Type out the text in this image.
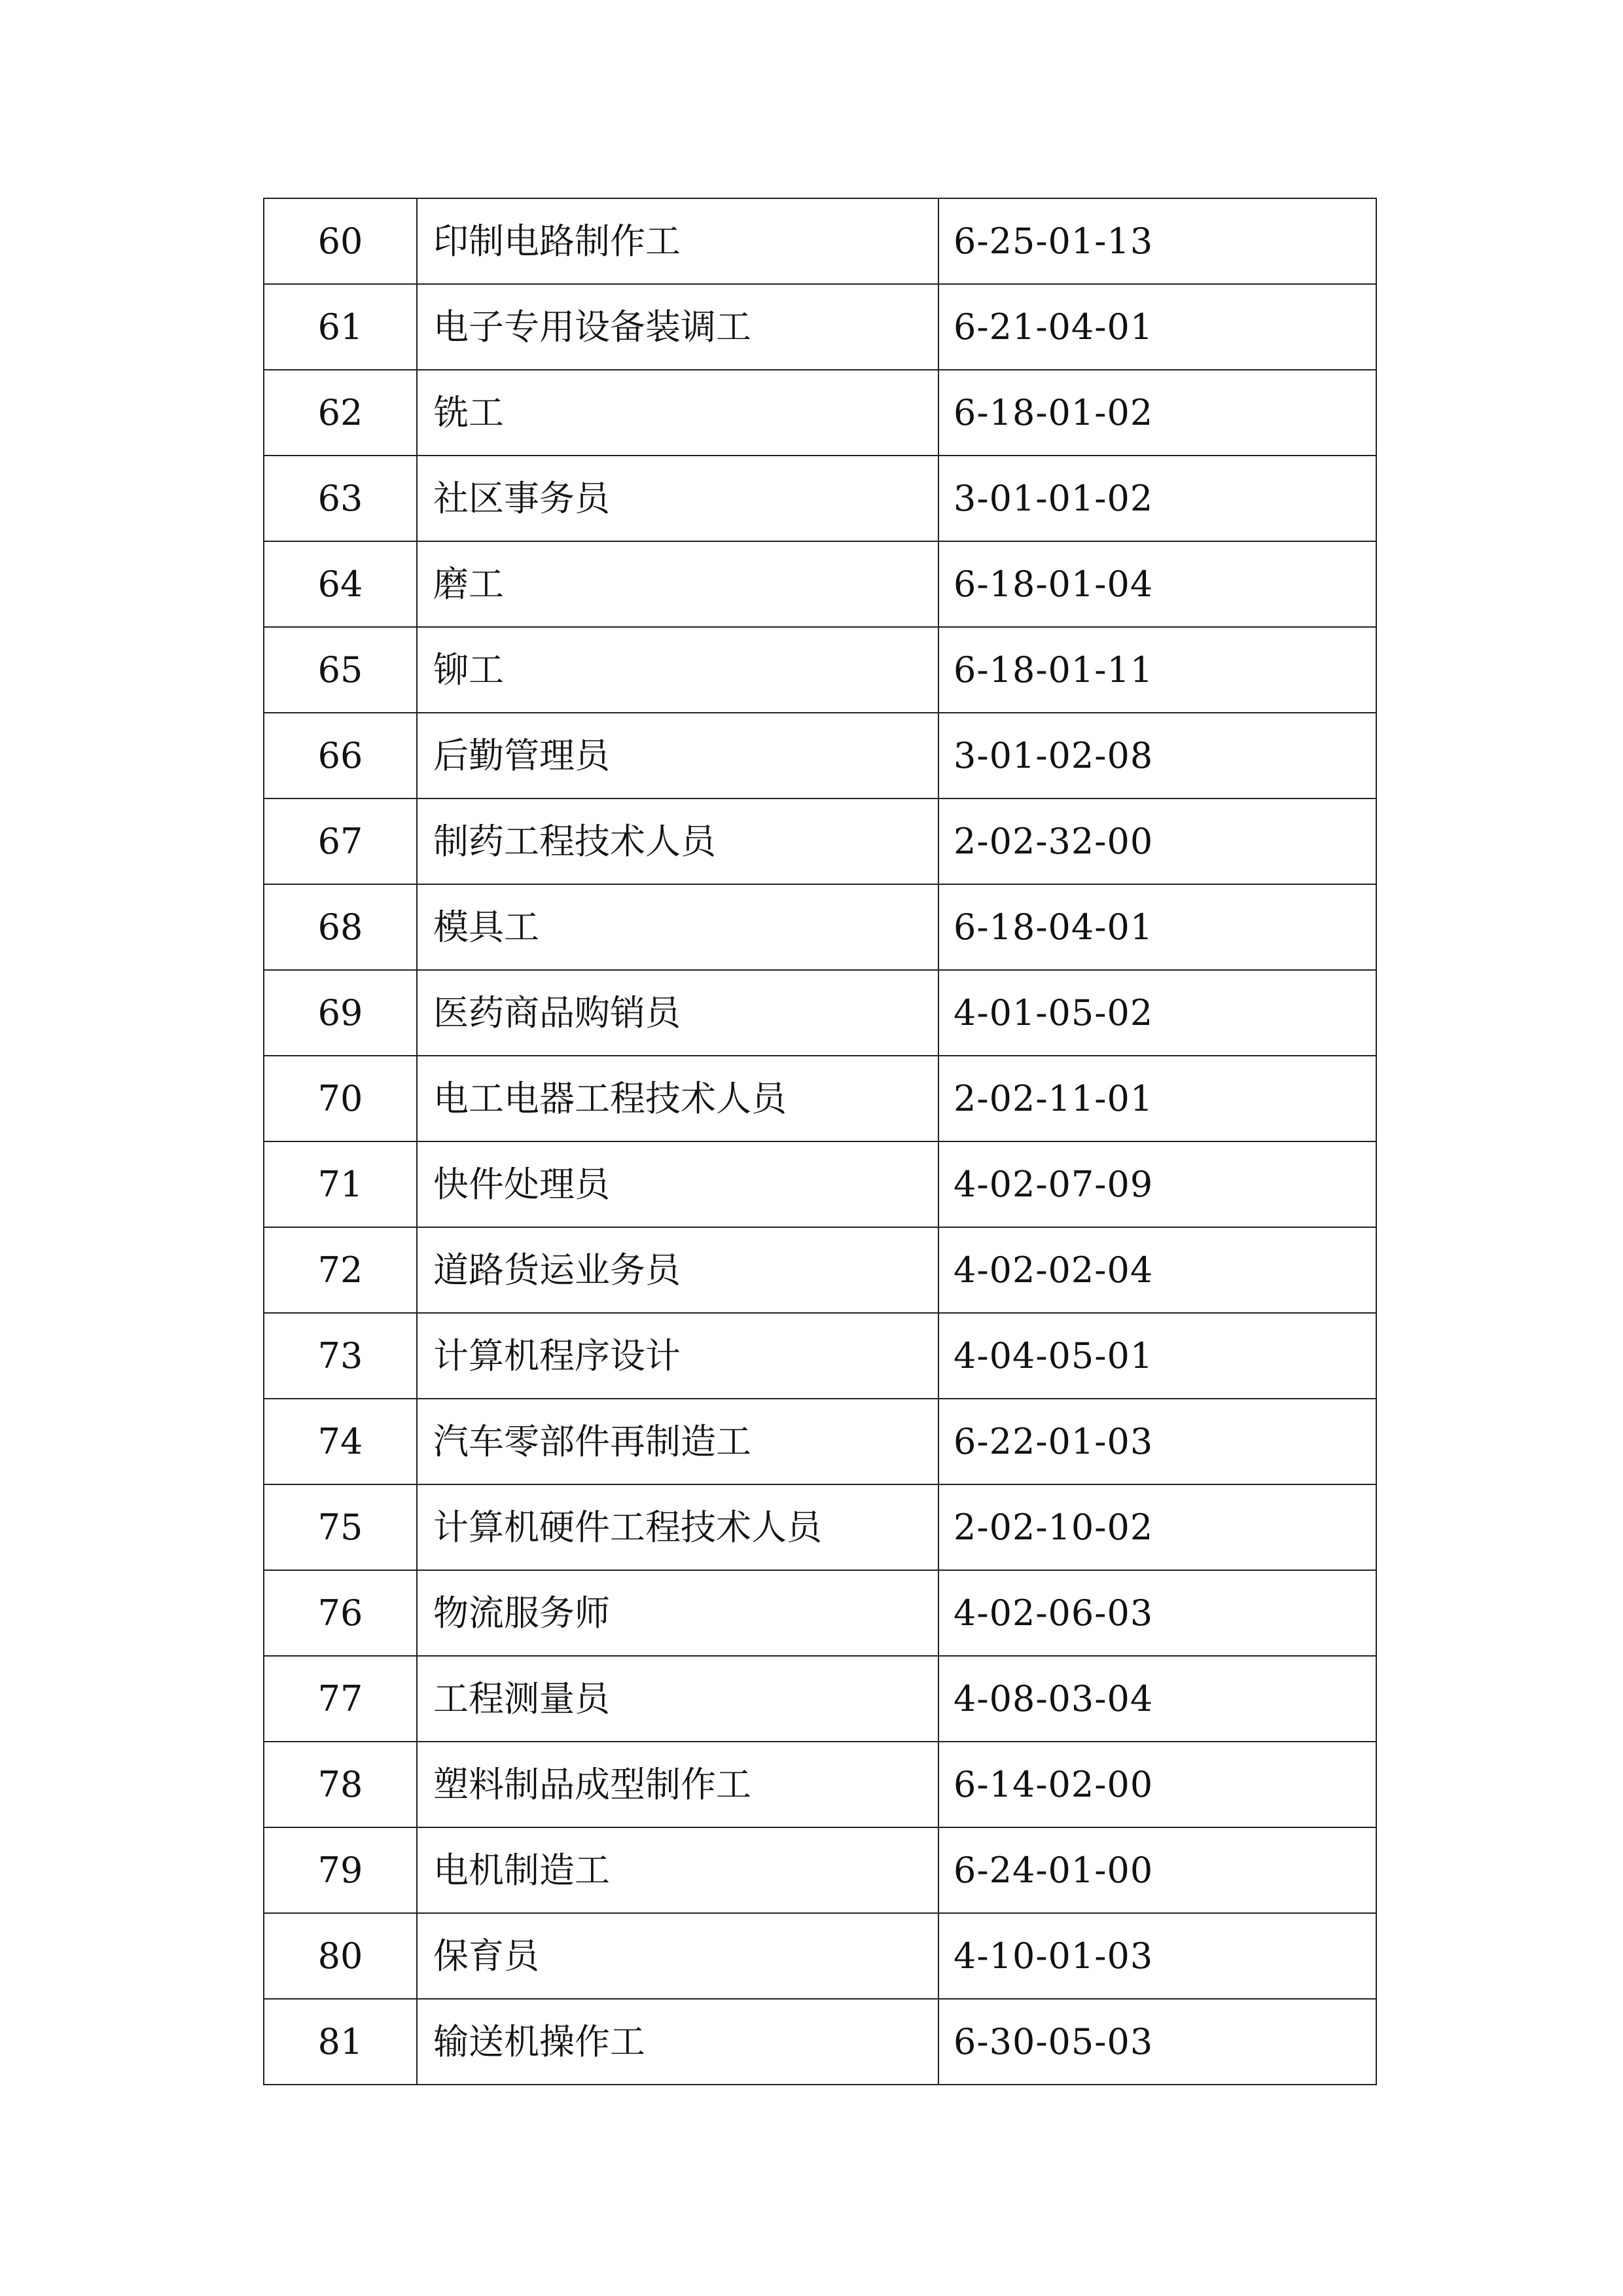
60	印制电路制作工	6-25-01-13
61	电子专用设备装调工	6-21-04-01
62	铣工	6-18-01-02
63	社区事务员	3-01-01-02
64	磨工	6-18-01-04
65	铆工	6-18-01-11
66	后勤管理员	3-01-02-08
67	制药工程技术人员	2-02-32-00
68	模具工	6-18-04-01
69	医药商品购销员	4-01-05-02
70	电工电器工程技术人员	2-02-11-01
71	快件处理员	4-02-07-09
72	道路货运业务员	4-02-02-04
73	计算机程序设计	4-04-05-01
74	汽车零部件再制造工	6-22-01-03
75	计算机硬件工程技术人员	2-02-10-02
76	物流服务师	4-02-06-03
77	工程测量员	4-08-03-04
78	塑料制品成型制作工	6-14-02-00
79	电机制造工	6-24-01-00
80	保育员	4-10-01-03
81	输送机操作工	6-30-05-03
